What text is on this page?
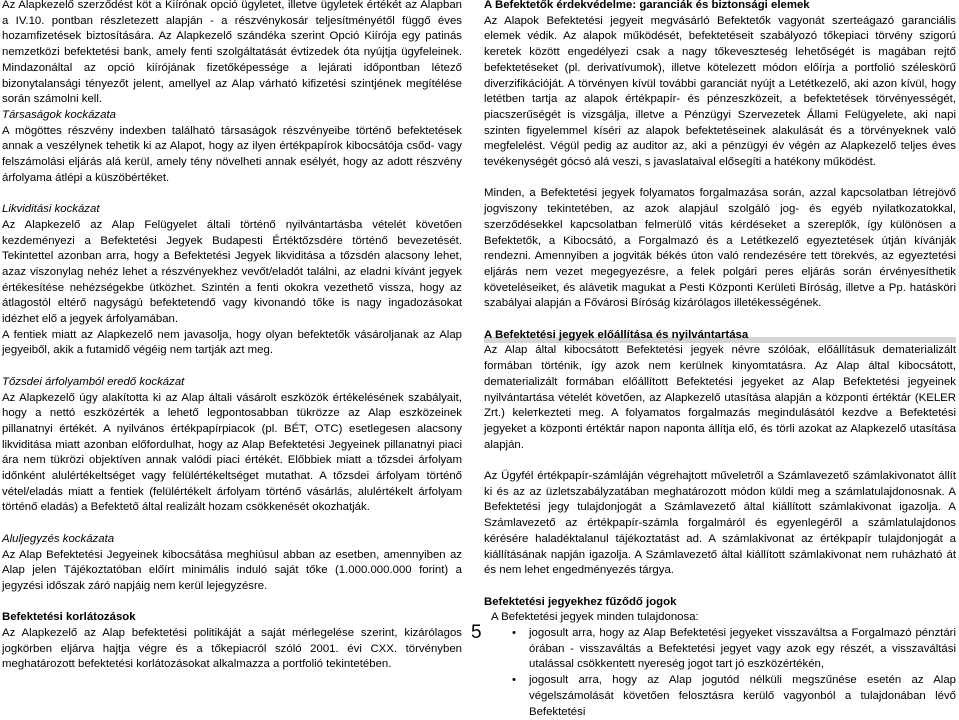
Az Alapkezelő szerződést köt a Kiírónak opció ügyletet, illetve ügyletek értékét az Alapban a IV.10. pontban részletezett alapján - a részvénykosár teljesítményétől függő éves hozamfizetések biztosítására. Az Alapkezelő szándéka szerint Opció Kiírója egy patinás nemzetközi befektetési bank, amely fenti szolgáltatását évtizedek óta nyújtja ügyfeleinek. Mindazonáltal az opció kiírójának fizetőképessége a lejárati időpontban létező bizonytalansági tényezőt jelent, amellyel az Alap várható kifizetési szintjének megítélése során számolni kell.

Társaságok kockázata

A mögöttes részvény indexben található társaságok részvényeibe történő befektetések annak a veszélynek tehetik ki az Alapot, hogy az ilyen értékpapírok kibocsátója csőd- vagy felszámolási eljárás alá kerül, amely tény növelheti annak esélyét, hogy az adott részvény árfolyama átlépi a küszöbértéket.

Likviditási kockázat

Az Alapkezelő az Alap Felügyelet általi történő nyilvántartásba vételét követően kezdeményezi a Befektetési Jegyek Budapesti Értéktőzsdére történő bevezetését. Tekintettel azonban arra, hogy a Befektetési Jegyek likviditása a tőzsdén alacsony lehet, azaz viszonylag nehéz lehet a részvényekhez vevőt/eladót találni, az eladni kívánt jegyek értékesítése nehézségekbe ütközhet. Szintén a fenti okokra vezethető vissza, hogy az átlagostól eltérő nagyságú befektetendő vagy kivonandó tőke is nagy ingadozásokat idézhet elő a jegyek árfolyamában.

A fentiek miatt az Alapkezelő nem javasolja, hogy olyan befektetők vásároljanak az Alap jegyeiből, akik a futamidő végéig nem tartják azt meg.

Tőzsdei árfolyamból eredő kockázat

Az Alapkezelő úgy alakította ki az Alap általi vásárolt eszközök értékelésének szabályait, hogy a nettó eszközérték a lehető legpontosabban tükrözze az Alap eszközeinek pillanatnyi értékét. A nyilvános értékpapírpiacok (pl. BÉT, OTC) esetlegesen alacsony likviditása miatt azonban előfordulhat, hogy az Alap Befektetési Jegyeinek pillanatnyi piaci ára nem tükrözi objektíven annak valódi piaci értékét. Előbbiek miatt a tőzsdei árfolyam időnként alulértékeltséget vagy felülértékeltséget mutathat. A tőzsdei árfolyam történő vétel/eladás miatt a fentiek (felülértékelt árfolyam történő vásárlás, alulértékelt árfolyam történő eladás) a Befektető által realizált hozam csökkenését okozhatják.

Aluljegyzés kockázata

Az Alap Befektetési Jegyeinek kibocsátása meghiúsul abban az esetben, amennyiben az Alap jelen Tájékoztatóban előírt minimális induló saját tőke (1.000.000.000 forint) a jegyzési időszak záró napjáig nem kerül lejegyzésre.

Befektetési korlátozások

Az Alapkezelő az Alap befektetési politikáját a saját mérlegelése szerint, kizárólagos jogkörben eljárva hajtja végre és a tőkepiacról szóló 2001. évi CXX. törvényben meghatározott befektetési korlátozásokat alkalmazza a portfolió tekintetében.

A Befektetők érdekvédelme: garanciák és biztonsági elemek

Az Alapok Befektetési jegyeit megvásárló Befektetők vagyonát szerteágazó garanciális elemek védik. Az alapok működését, befektetéseit szabályozó tőkepiaci törvény szigorú keretek között engedélyezi csak a nagy tőkeveszteség lehetőségét is magában rejtő befektetéseket (pl. derivatívumok), illetve kötelezett módon előírja a portfolió széleskörű diverzifikációját. A törvényen kívül további garanciát nyújt a Letétkezelő, aki azon kívül, hogy letétben tartja az alapok értékpapír- és pénzeszközeit, a befektetések törvényességét, piacszerűségét is vizsgálja, illetve a Pénzügyi Szervezetek Állami Felügyelete, aki napi szinten figyelemmel kíséri az alapok befektetéseinek alakulását és a törvényeknek való megfelelést. Végül pedig az auditor az, aki a pénzügyi év végén az Alapkezelő teljes éves tevékenységét gócsó alá veszi, s javaslataival elősegíti a hatékony működést.

Minden, a Befektetési jegyek folyamatos forgalmazása során, azzal kapcsolatban létrejövő jogviszony tekintetében, az azok alapjául szolgáló jog- és egyéb nyilatkozatokkal, szerződésekkel kapcsolatban felmerülő vitás kérdéseket a szereplők, így különösen a Befektetők, a Kibocsátó, a Forgalmazó és a Letétkezelő egyeztetések útján kívánják rendezni. Amennyiben a jogviták békés úton való rendezésére tett törekvés, az egyeztetési eljárás nem vezet megegyezésre, a felek polgári peres eljárás során érvényesíthetik követeléseiket, és alávetik magukat a Pesti Központi Kerületi Bíróság, illetve a Pp. hatásköri szabályai alapján a Fővárosi Bíróság kizárólagos illetékességének.

A Befektetési jegyek előállítása és nyilvántartása

Az Alap által kibocsátott Befektetési jegyek névre szólóak, előállításuk dematerializált formában történik, így azok nem kerülnek kinyomtatásra. Az Alap által kibocsátott, dematerializált formában előállított Befektetési jegyeket az Alap Befektetési jegyeinek nyilvántartása vételét követően, az Alapkezelő utasítása alapján a központi értéktár (KELER Zrt.) kelетkezteti meg. A folyamatos forgalmazás megindulásától kezdve a Befektetési jegyeket a központi értéktár napon naponta állítja elő, és törli azokat az Alapkezelő utasítása alapján.

Az Ügyfél értékpapír-számláján végrehajtott műveletről a Számlavezető számlakivonatot állít ki és az az üzletszabályzatában meghatározott módon küldi meg a számlatulajdonosnak. A Befektetési jegy tulajdonjogát a Számlavezető által kiállított számlakivonat igazolja. A Számlavezető az értékpapír-számla forgalmáról és egyenlegéről a számlatulajdonos kérésére haladéktalanul tájékoztatást ad. A számlakivonat az értékpapír tulajdonjogát a kiállításának napján igazolja. A Számlavezető által kiállított számlakivonat nem ruházható át és nem lehet engedményezés tárgya.

Befektetési jegyekhez fűződő jogok

A Befektetési jegyek minden tulajdonosa:

• jogosult arra, hogy az Alap Befektetési jegyeket visszaváltsa a Forgalmazó pénztári órában - visszaváltás a Befektetési jegyet vagy azok egy részét, a visszaváltási utalással csökkentett nyereség jogot tart jó eszközértékén,
• jogosult arra, hogy az Alap jogutód nélküli megszűnése esetén az Alap végelszámolását követően felosztásra kerülő vagyonból a tulajdonában lévő Befektetési
5
